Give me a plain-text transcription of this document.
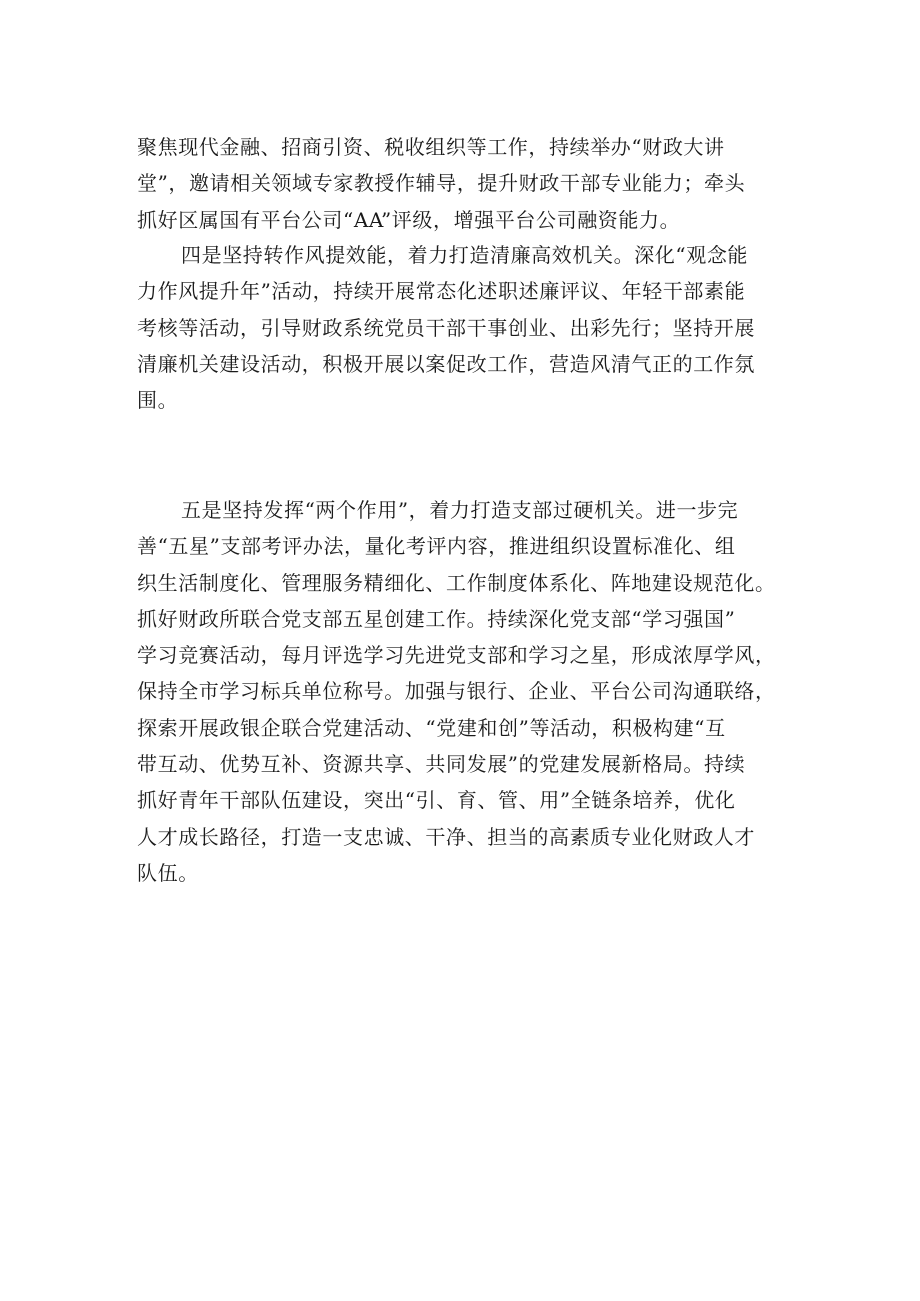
聚焦现代金融、招商引资、税收组织等工作，持续举办“财政大讲
堂”，邀请相关领域专家教授作辅导，提升财政干部专业能力；牵头
抓好区属国有平台公司“AA”评级，增强平台公司融资能力。
四是坚持转作风提效能，着力打造清廉高效机关。深化“观念能
力作风提升年”活动，持续开展常态化述职述廉评议、年轻干部素能
考核等活动，引导财政系统党员干部干事创业、出彩先行；坚持开展
清廉机关建设活动，积极开展以案促改工作，营造风清气正的工作氛
围。
五是坚持发挥“两个作用”，着力打造支部过硬机关。进一步完
善“五星”支部考评办法，量化考评内容，推进组织设置标准化、组
织生活制度化、管理服务精细化、工作制度体系化、阵地建设规范化。
抓好财政所联合党支部五星创建工作。持续深化党支部“学习强国”
学习竞赛活动，每月评选学习先进党支部和学习之星，形成浓厚学风，
保持全市学习标兵单位称号。加强与银行、企业、平台公司沟通联络，
探索开展政银企联合党建活动、“党建和创”等活动，积极构建“互
带互动、优势互补、资源共享、共同发展”的党建发展新格局。持续
抓好青年干部队伍建设，突出“引、育、管、用”全链条培养，优化
人才成长路径，打造一支忠诚、干净、担当的高素质专业化财政人才
队伍。
